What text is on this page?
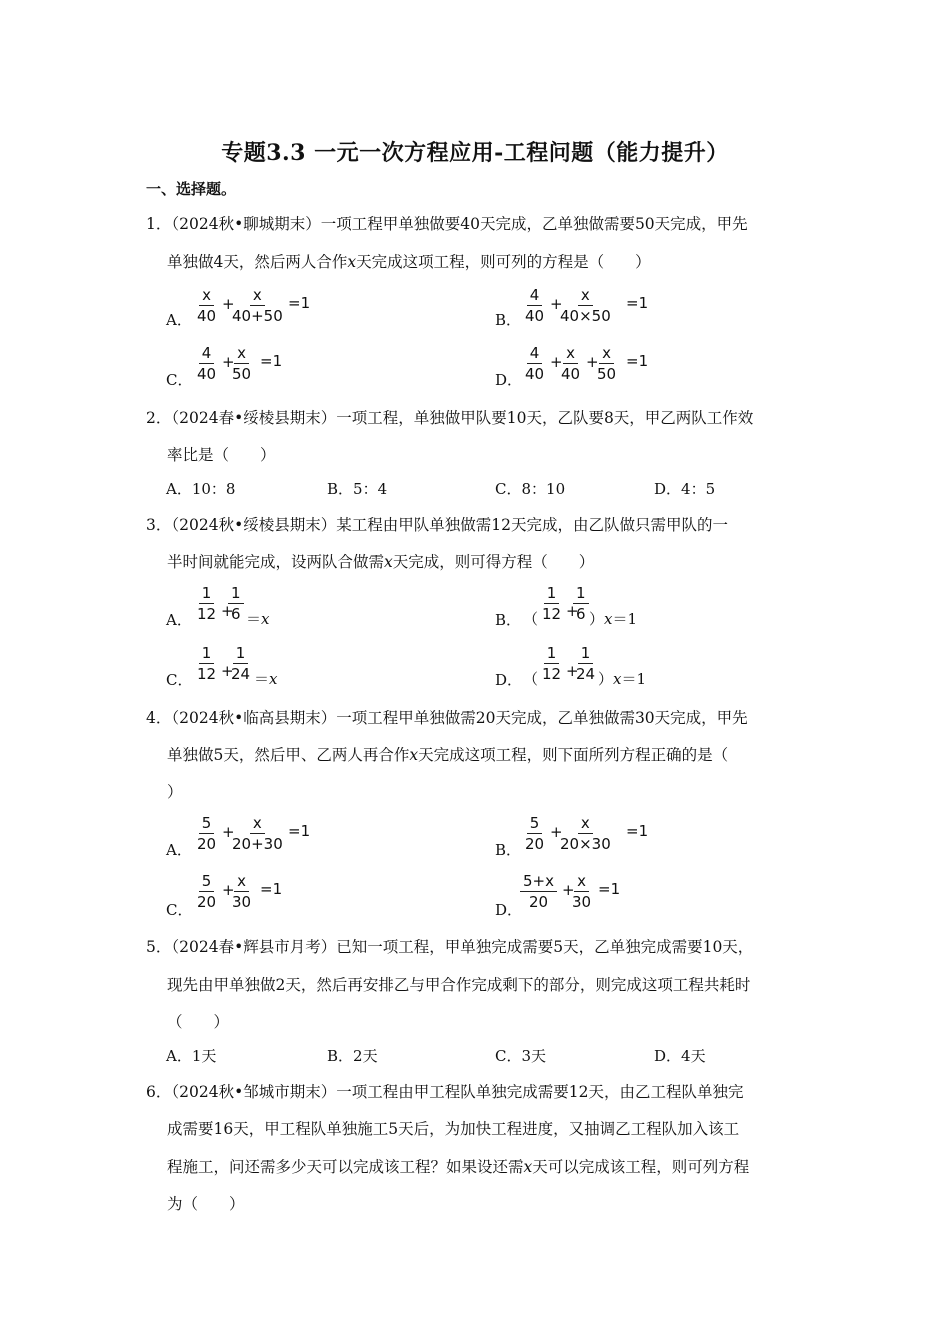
专题3.3 一元一次方程应用-工程问题（能力提升）
一、选择题。
1．（2024秋•聊城期末）一项工程甲单独做要40天完成，乙单独做需要50天完成，甲先
单独做4天，然后两人合作x天完成这项工程，则可列的方程是（　　）
A． $\frac{x}{40}$ +
$\frac{x}{40+50} =1$
B． $\frac{4}{40}$ +
$\frac{x}{40\times 50} =1$
C． $\frac{4}{40}$ +
$\frac{x}{50} =1$
D． $\frac{4}{40}$ +
$\frac{x}{40}$ +
$\frac{x}{50} =1$
2．（2024春•绥棱县期末）一项工程，单独做甲队要10天，乙队要8天，甲乙两队工作效
率比是（　　）
A．10：8	B．5：4	C．8：10	D．4：5
3．（2024秋•绥棱县期末）某工程由甲队单独做需12天完成，由乙队做只需甲队的一
半时间就能完成，设两队合做需x天完成，则可得方程（　　）
A． $\frac{1}{12}$ +
$\frac{1}{6} =x$	B． （ $\frac{1}{12}$ +
$\frac{1}{6} )x=1$
C． $\frac{1}{12}$ +
$\frac{1}{24} =x$	D． （ $\frac{1}{12}$ +
$\frac{1}{24} )x=1$
4．（2024秋•临高县期末）一项工程甲单独做需20天完成，乙单独做需30天完成，甲先
单独做5天，然后甲、乙两人再合作x天完成这项工程，则下面所列方程正确的是（
）
A． $\frac{5}{20}$ +
$\frac{x}{20+30} =1$
B． $\frac{5}{20}$ +
$\frac{x}{20\times 30} =1$
C． $\frac{5}{20}$ +
$\frac{x}{30} =1$
D．
$\frac{5+x}{20}$ +
$\frac{x}{30} =1$
5．（2024春•辉县市月考）已知一项工程，甲单独完成需要5天，乙单独完成需要10天，
现先由甲单独做2天，然后再安排乙与甲合作完成剩下的部分，则完成这项工程共耗时
（　　）
A．1天	B．2天	C．3天	D．4天
6．（2024秋•邹城市期末）一项工程由甲工程队单独完成需要12天，由乙工程队单独完
成需要16天，甲工程队单独施工5天后，为加快工程进度，又抽调乙工程队加入该工
程施工，问还需多少天可以完成该工程？如果设还需x天可以完成该工程，则可列方程
为（　　）
